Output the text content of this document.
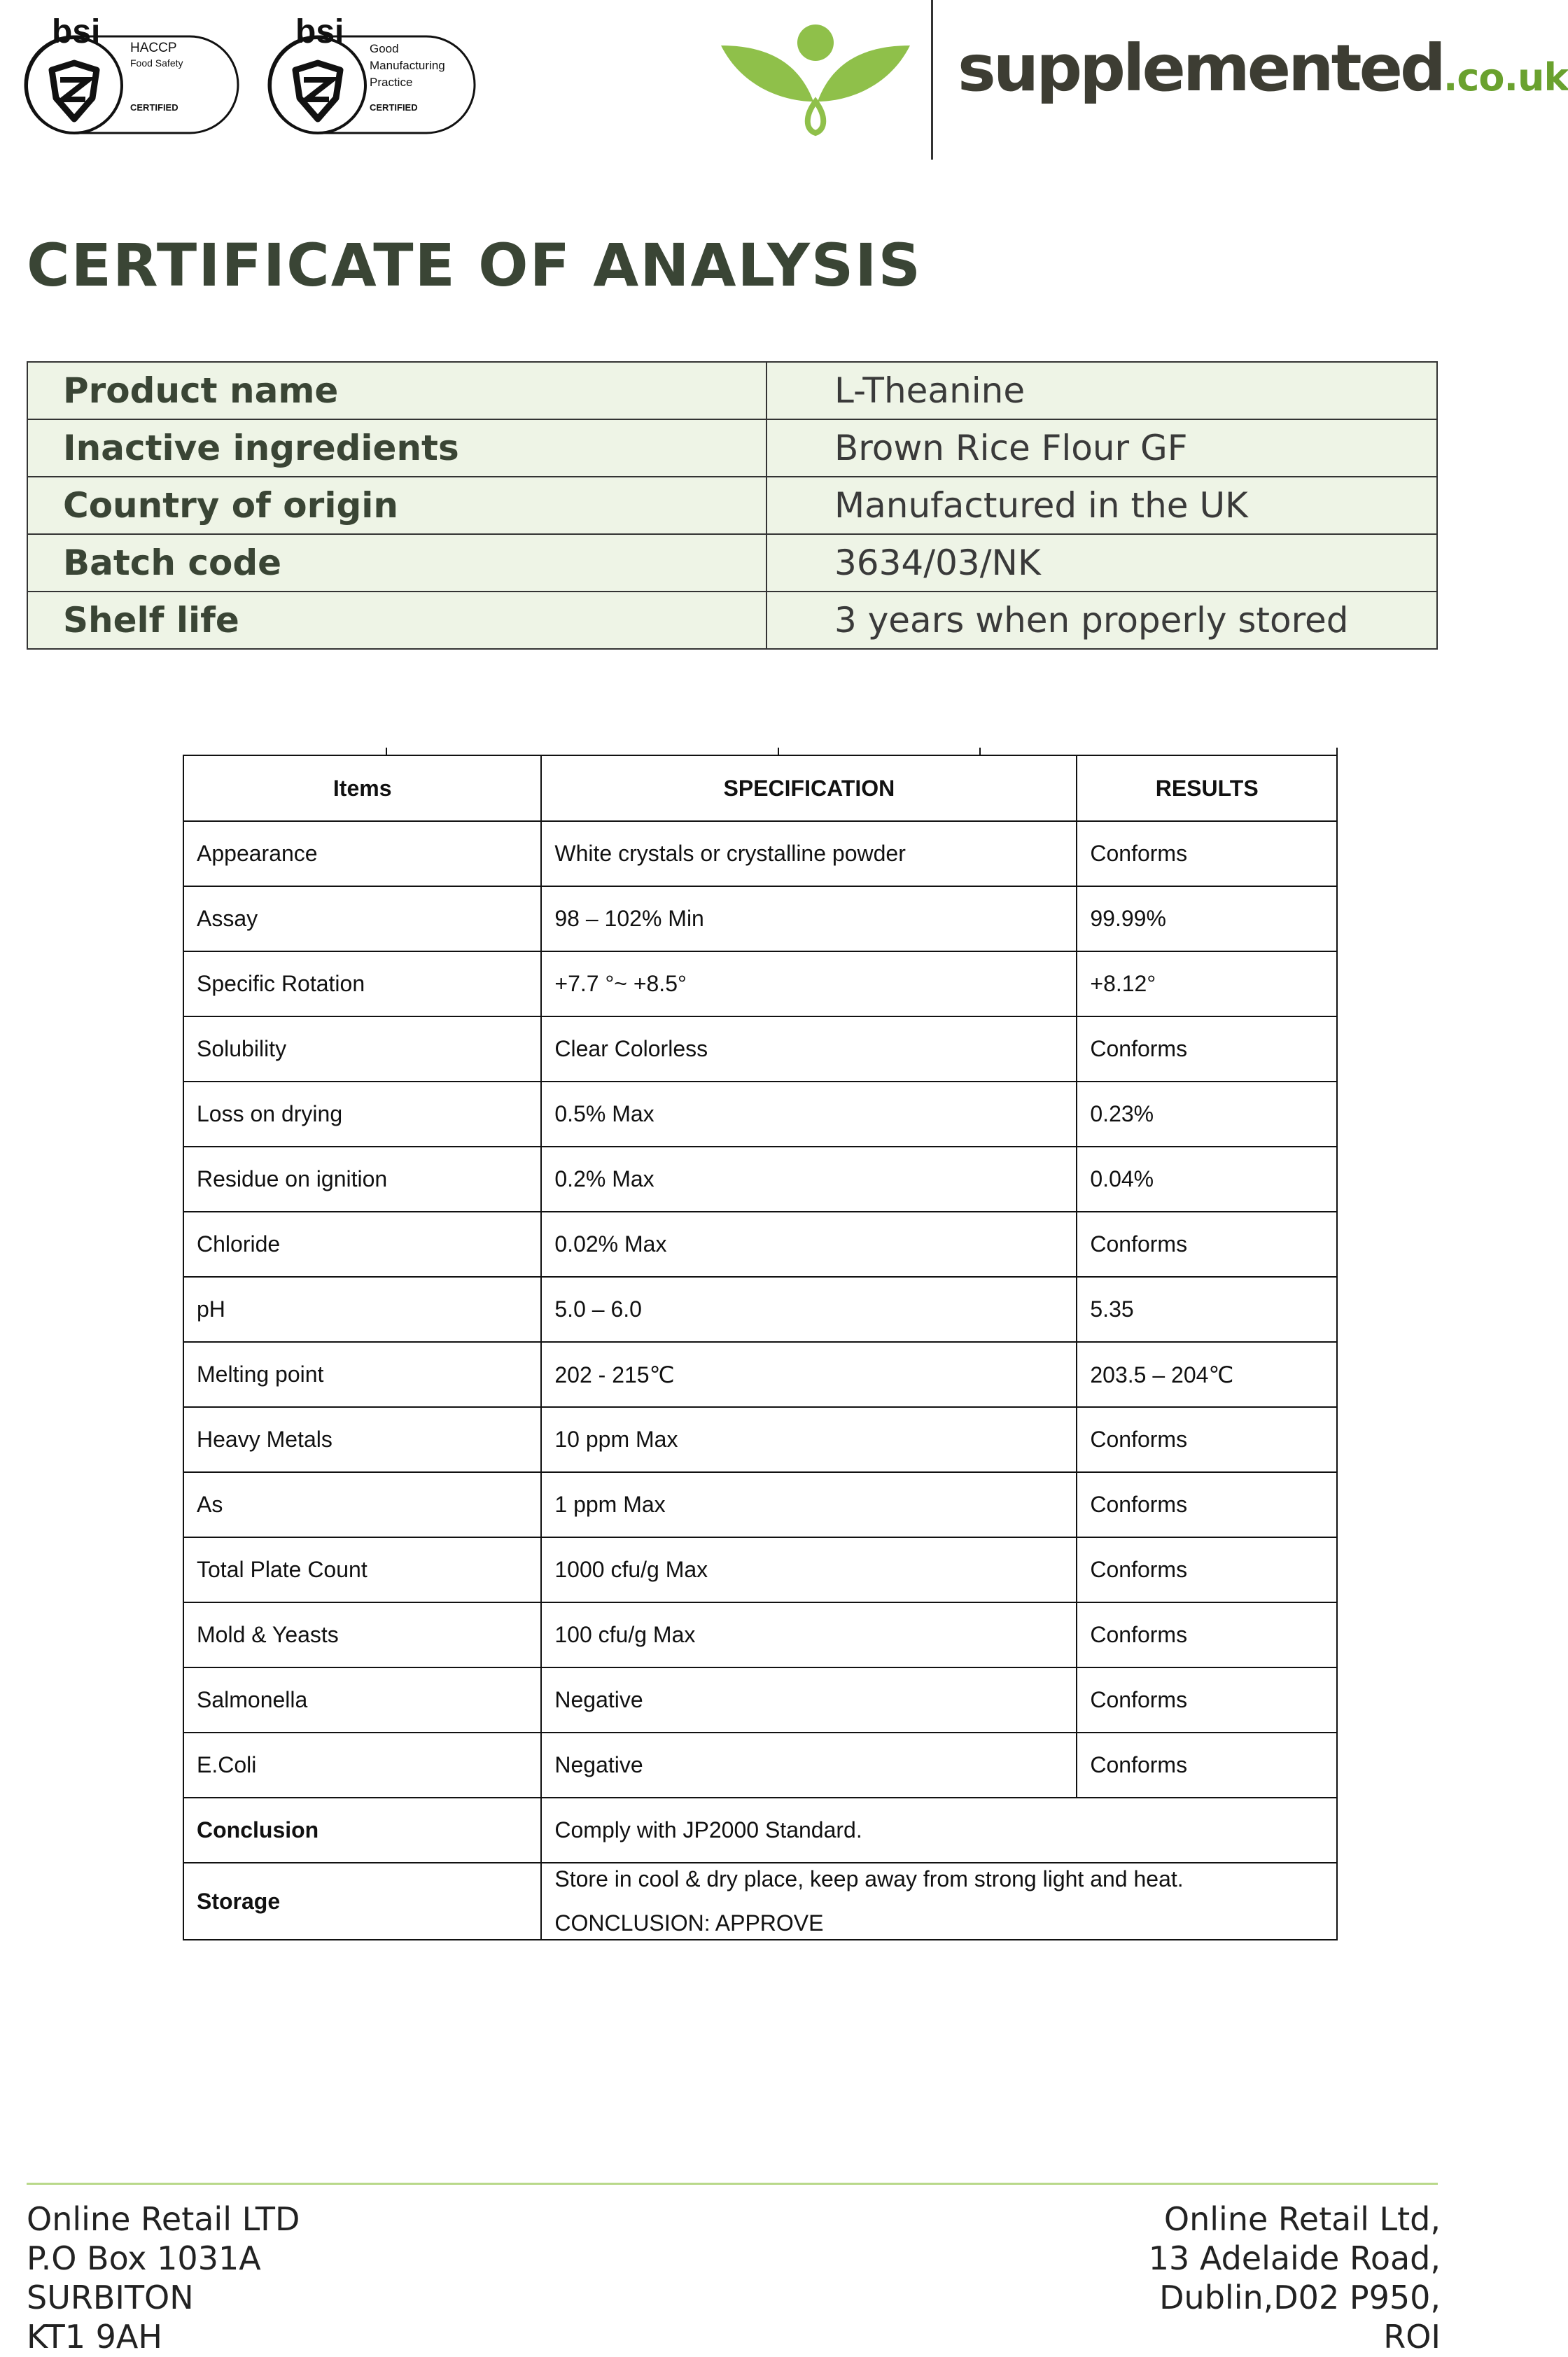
bsi HACCP
Food Safety
CERTIFIED
bsi Good
Manufacturing
Practice
CERTIFIED
supplemented.co.uk
CERTIFICATE OF ANALYSIS
Product name	L-Theanine
Inactive ingredients	Brown Rice Flour GF
Country of origin	Manufactured in the UK
Batch code	3634/03/NK
Shelf life	3 years when properly stored
Items	SPECIFICATION	RESULTS
Appearance	White crystals or crystalline powder	Conforms
Assay	98 – 102% Min	99.99%
Specific Rotation	+7.7 °~ +8.5°	+8.12°
Solubility	Clear Colorless	Conforms
Loss on drying	0.5% Max	0.23%
Residue on ignition	0.2% Max	0.04%
Chloride	0.02% Max	Conforms
pH	5.0 – 6.0	5.35
Melting point	202 - 215℃	203.5 – 204℃
Heavy Metals	10 ppm Max	Conforms
As	1 ppm Max	Conforms
Total Plate Count	1000 cfu/g Max	Conforms
Mold & Yeasts	100 cfu/g Max	Conforms
Salmonella	Negative	Conforms
E.Coli	Negative	Conforms
Conclusion	Comply with JP2000 Standard.	
Storage	Store in cool & dry place, keep away from strong light and heat.
CONCLUSION: APPROVE	
Online Retail LTD
P.O Box 1031A
SURBITON
KT1 9AH
Online Retail Ltd,
13 Adelaide Road,
Dublin,D02 P950,
ROI
